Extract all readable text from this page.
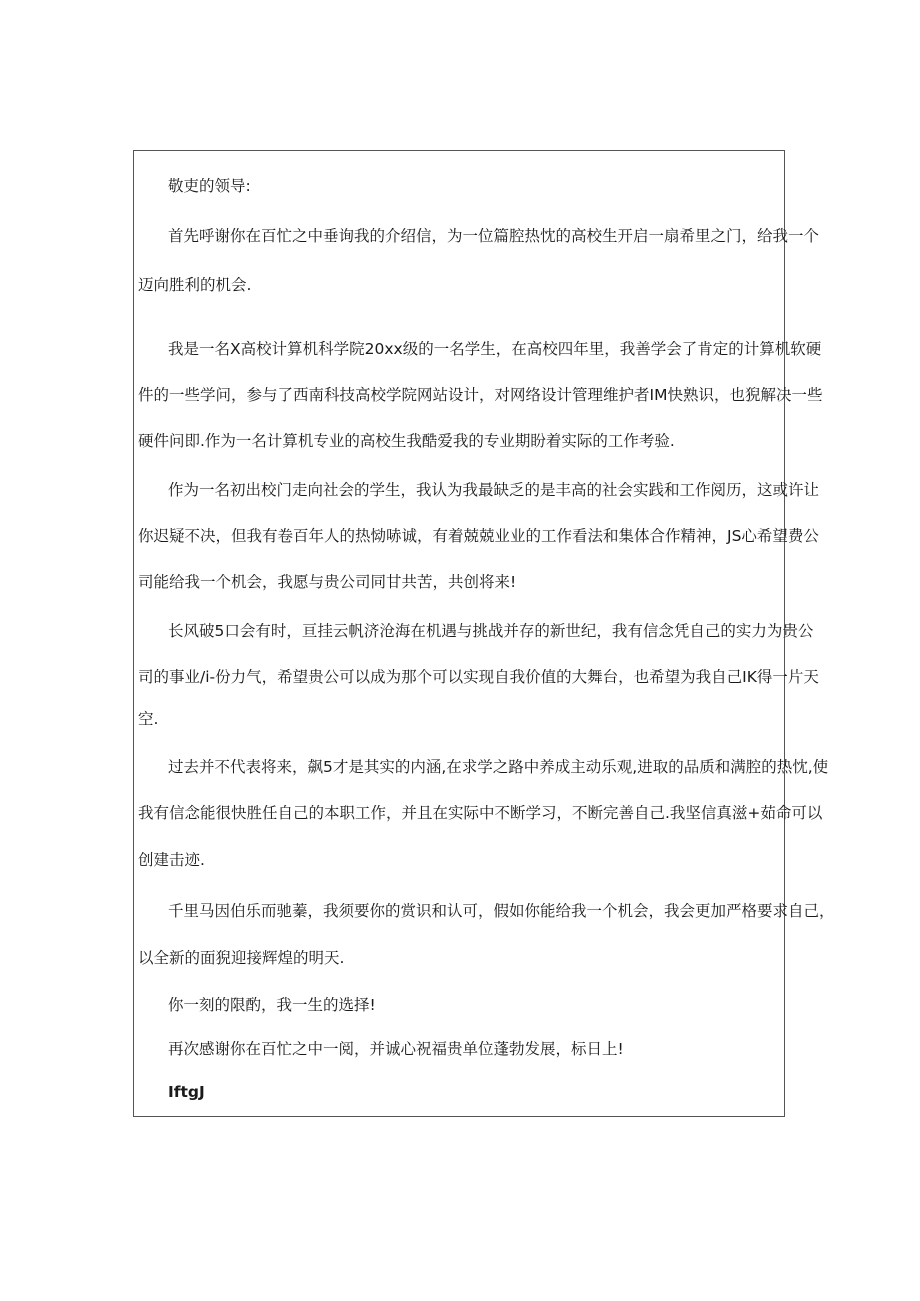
敬吏的领导:
首先呼谢你在百忙之中垂询我的介绍信，为一位篇腔热忱的高校生开启一扇希里之门，给我一个
迈向胜利的机会.
我是一名X高校计算机科学院20xx级的一名学生，在高校四年里，我善学会了肯定的计算机软硬
件的一些学问，参与了西南科技高校学院网站设计，对网络设计管理维护者IM快熟识，也猊解决一些
硬件问即.作为一名计算机专业的高校生我酷爱我的专业期盼着实际的工作考验.
作为一名初出校门走向社会的学生，我认为我最缺乏的是丰高的社会实践和工作阅历，这或许让
你迟疑不决，但我有卷百年人的热恸哧诚，有着兢兢业业的工作看法和集体合作精神，JS心希望费公
司能给我一个机会，我愿与贵公司同甘共苦，共创将来!
长风破5口会有时，亘挂云帆济沧海在机遇与挑战并存的新世纪，我有信念凭自己的实力为贵公
司的事业/i-份力气，希望贵公可以成为那个可以实现自我价值的大舞台，也希望为我自己IK得一片天
空.
过去并不代表将来，飙5才是其实的内涵,在求学之路中养成主动乐观,进取的品质和满腔的热忱,使
我有信念能很快胜任自己的本职工作，并且在实际中不断学习，不断完善自己.我坚信真滋+茹命可以
创建击迹.
千里马因伯乐而驰蓁，我须要你的赏识和认可，假如你能给我一个机会，我会更加严格要求自己，
以全新的面猊迎接辉煌的明天.
你一刻的限酌，我一生的选择!
再次感谢你在百忙之中一阅，并诚心祝福贵单位蓬勃发展，标日上!
IftgJ
